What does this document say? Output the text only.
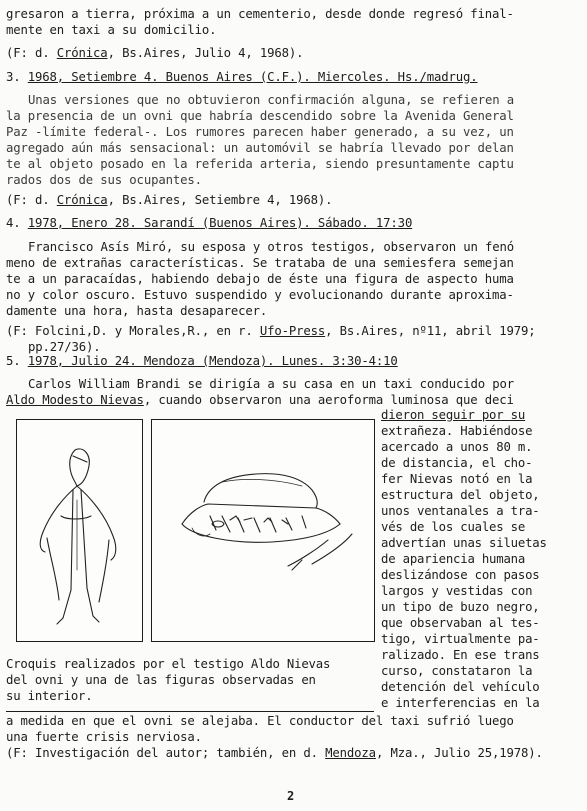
gresaron a tierra, próxima a un cementerio, desde donde regresó final-
mente en taxi a su domicilio.
(F: d. Crónica, Bs.Aires, Julio 4, 1968).
3. 1968, Setiembre 4. Buenos Aires (C.F.). Miercoles. Hs./madrug.
Unas versiones que no obtuvieron confirmación alguna, se refieren a
la presencia de un ovni que habría descendido sobre la Avenida General
Paz -límite federal-. Los rumores parecen haber generado, a su vez, un
agregado aún más sensacional: un automóvil se habría llevado por delan
te al objeto posado en la referida arteria, siendo presuntamente captu
rados dos de sus ocupantes.
(F: d. Crónica, Bs.Aires, Setiembre 4, 1968).
4. 1978, Enero 28. Sarandí (Buenos Aires). Sábado. 17:30
Francisco Asís Miró, su esposa y otros testigos, observaron un fenó
meno de extrañas características. Se trataba de una semiesfera semejan
te a un paracaídas, habiendo debajo de éste una figura de aspecto huma
no y color oscuro. Estuvo suspendido y evolucionando durante aproxima-
damente una hora, hasta desaparecer.
(F: Folcini,D. y Morales,R., en r. Ufo-Press, Bs.Aires, nº11, abril 1979;
pp.27/36).
5. 1978, Julio 24. Mendoza (Mendoza). Lunes. 3:30-4:10
Carlos William Brandi se dirigía a su casa en un taxi conducido por
Aldo Modesto Nievas, cuando observaron una aeroforma luminosa que deci
dieron seguir por su
extrañeza. Habiéndose
acercado a unos 80 m.
de distancia, el cho-
fer Nievas notó en la
estructura del objeto,
unos ventanales a tra-
vés de los cuales se
advertían unas siluetas
de apariencia humana
deslizándose con pasos
largos y vestidas con
un tipo de buzo negro,
que observaban al tes-
tigo, virtualmente pa-
ralizado. En ese trans
curso, constataron la
detención del vehículo
e interferencias en la
Croquis realizados por el testigo Aldo Nievas
del ovni y una de las figuras observadas en
su interior.
a medida en que el ovni se alejaba. El conductor del taxi sufrió luego
una fuerte crisis nerviosa.
(F: Investigación del autor; también, en d. Mendoza, Mza., Julio 25,1978).
2
